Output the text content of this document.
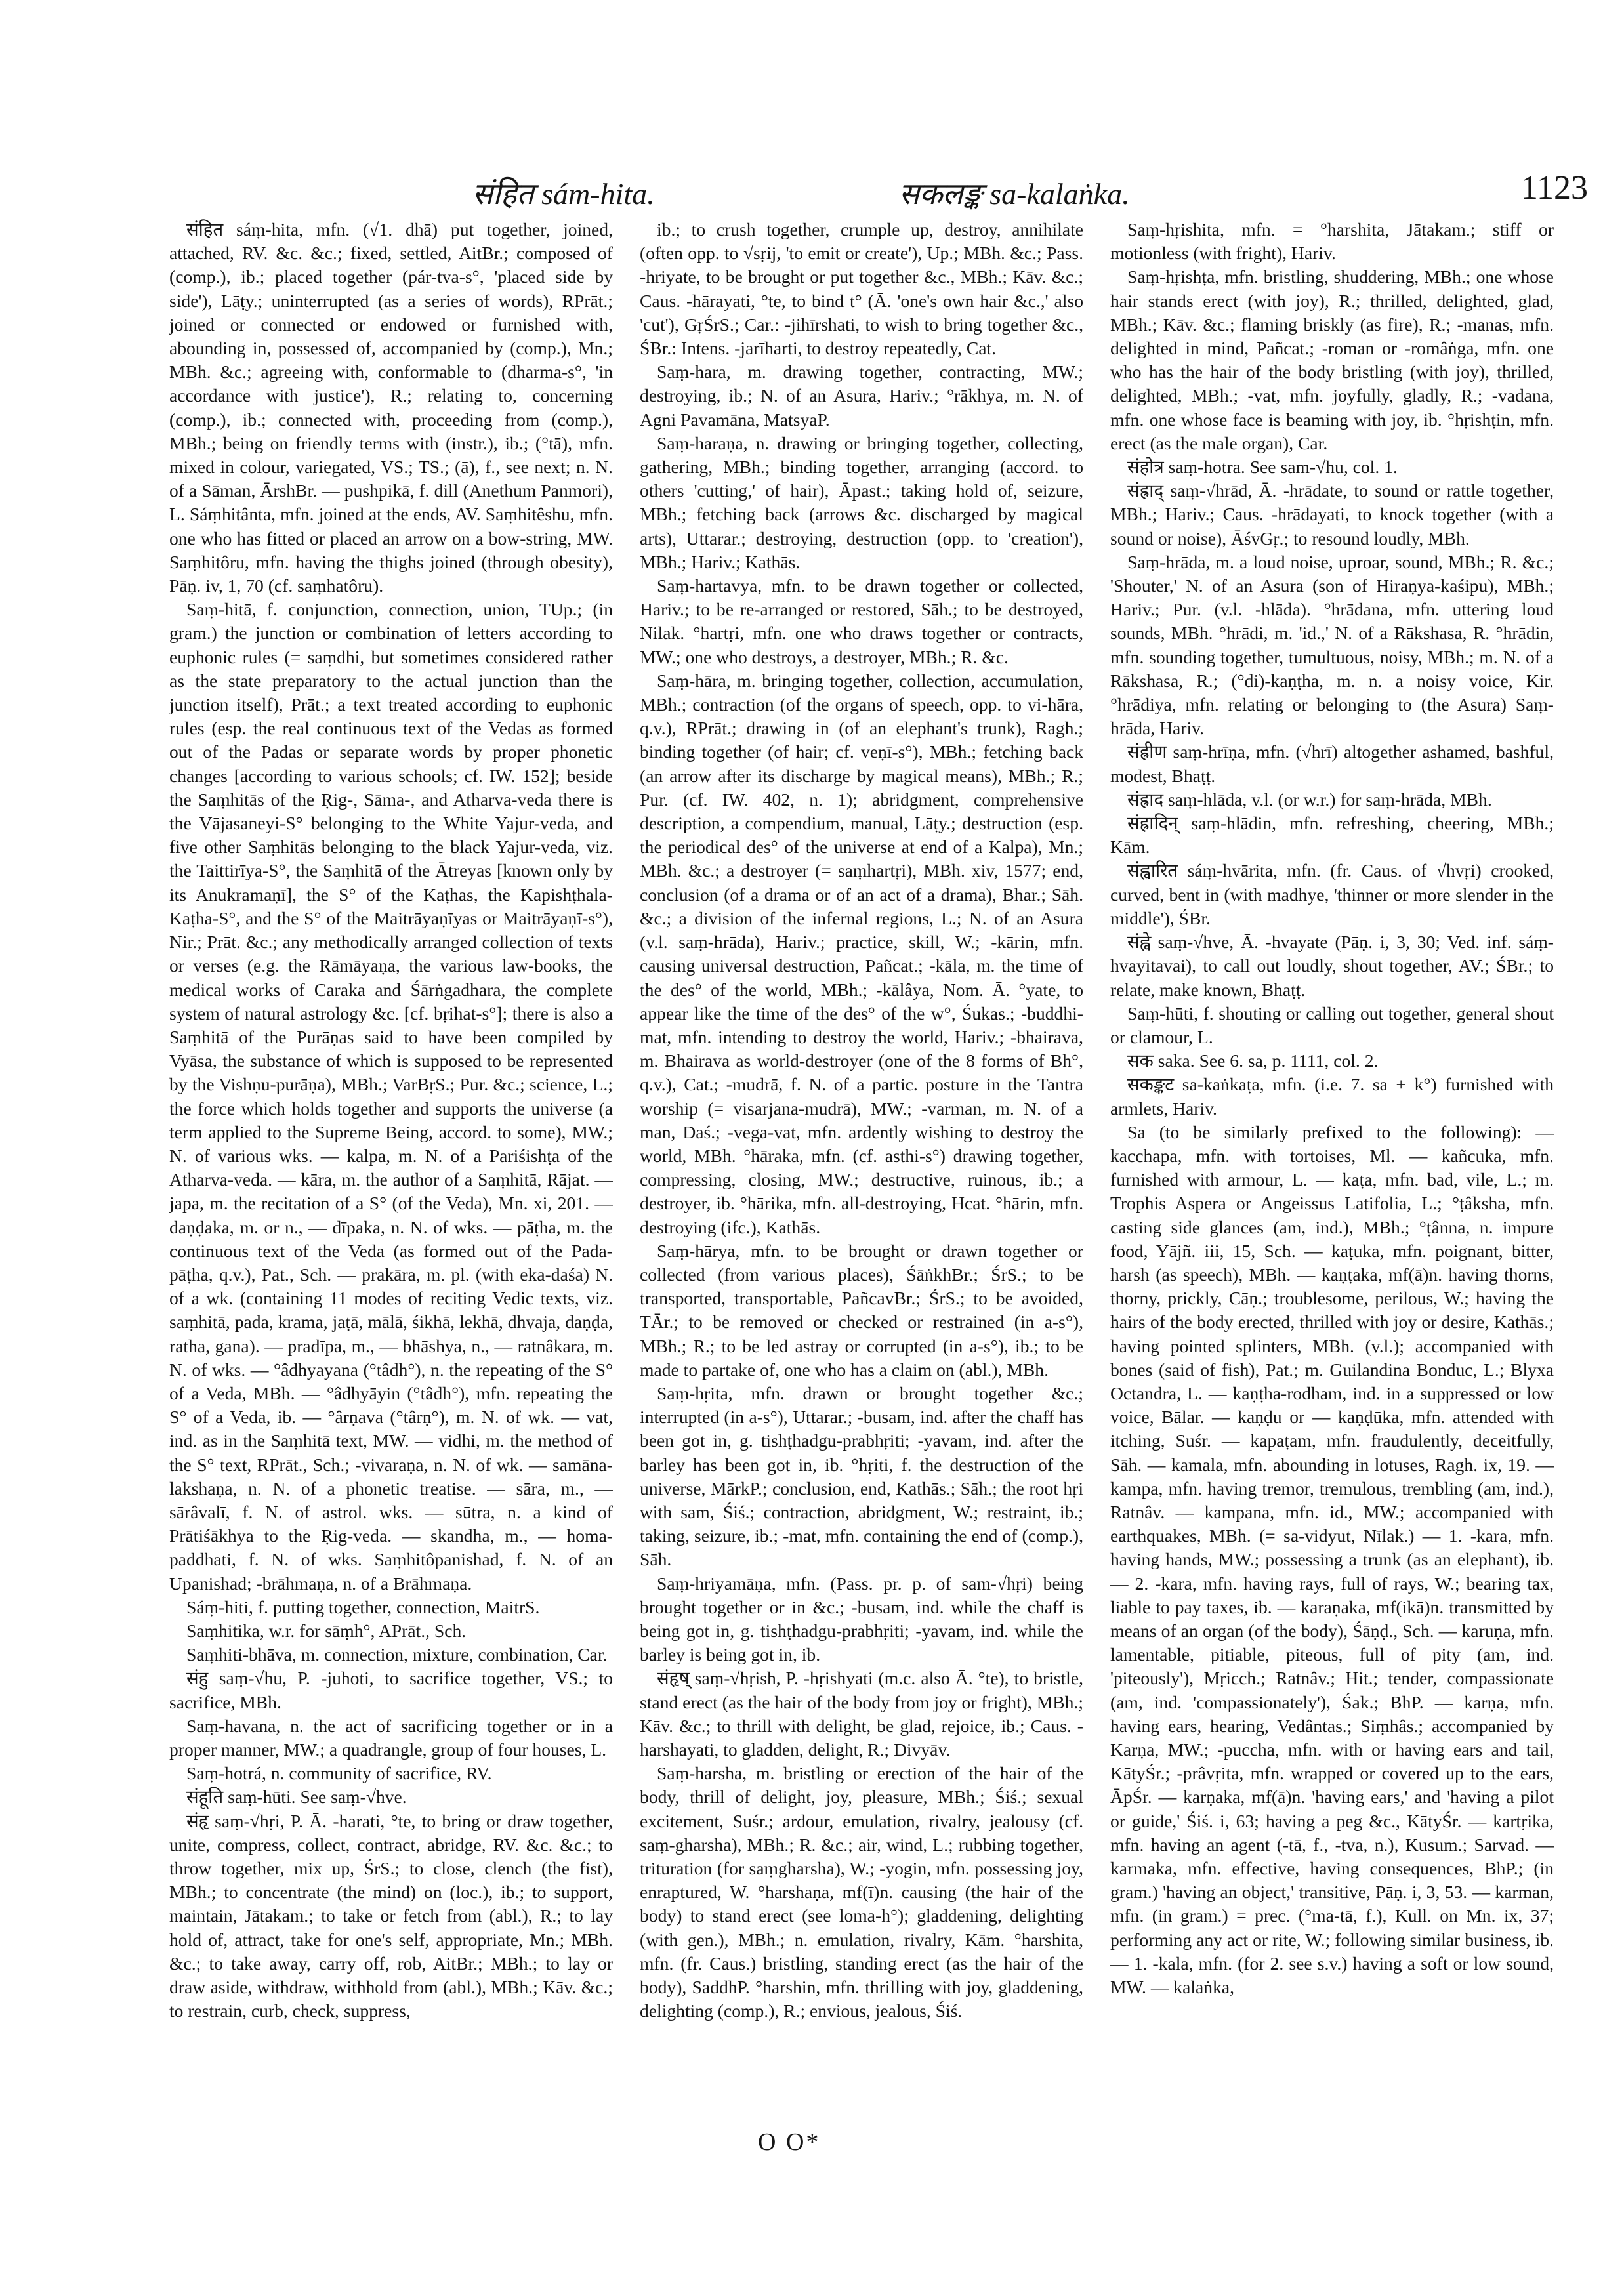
संहित sám-hita.	सकलङ्क sa-kalaṅka.	1123

संहित sáṃ-hita, mfn. (√1. dhā) put together, joined, attached, RV. &c. &c.; fixed, settled, AitBr.; composed of (comp.), ib.; placed together (pár-tva-s°, 'placed side by side'), Lāṭy.; uninterrupted (as a series of words), RPrāt.; joined or connected or endowed or furnished with, abounding in, possessed of, accompanied by (comp.), Mn.; MBh. &c.; agreeing with, conformable to (dharma-s°, 'in accordance with justice'), R.; relating to, concerning (comp.), ib.; connected with, proceeding from (comp.), MBh.; being on friendly terms with (instr.), ib.; (°tā), mfn. mixed in colour, variegated, VS.; TS.; (ā), f., see next; n. N. of a Sāman, ĀrshBr. — pushpikā, f. dill (Anethum Panmori), L. Sáṃhitânta, mfn. joined at the ends, AV. Saṃhitêshu, mfn. one who has fitted or placed an arrow on a bow-string, MW. Saṃhitôru, mfn. having the thighs joined (through obesity), Pāṇ. iv, 1, 70 (cf. saṃhatôru).

Saṃ-hitā, f. conjunction, connection, union, TUp.; (in gram.) the junction or combination of letters according to euphonic rules (= saṃdhi, but sometimes considered rather as the state preparatory to the actual junction than the junction itself), Prāt.; a text treated according to euphonic rules (esp. the real continuous text of the Vedas as formed out of the Padas or separate words by proper phonetic changes [according to various schools; cf. IW. 152]; beside the Saṃhitās of the Ṛig-, Sāma-, and Atharva-veda there is the Vājasaneyi-S° belonging to the White Yajur-veda, and five other Saṃhitās belonging to the black Yajur-veda, viz. the Taittirīya-S°, the Saṃhitā of the Ātreyas [known only by its Anukramaṇī], the S° of the Kaṭhas, the Kapishṭhala-Kaṭha-S°, and the S° of the Maitrāyaṇīyas or Maitrāyaṇī-s°), Nir.; Prāt. &c.; any methodically arranged collection of texts or verses (e.g. the Rāmāyaṇa, the various law-books, the medical works of Caraka and Śārṅgadhara, the complete system of natural astrology &c. [cf. bṛihat-s°]; there is also a Saṃhitā of the Purāṇas said to have been compiled by Vyāsa, the substance of which is supposed to be represented by the Vishṇu-purāṇa), MBh.; VarBṛS.; Pur. &c.; science, L.; the force which holds together and supports the universe (a term applied to the Supreme Being, accord. to some), MW.; N. of various wks. — kalpa, m. N. of a Pariśishṭa of the Atharva-veda. — kāra, m. the author of a Saṃhitā, Rājat. — japa, m. the recitation of a S° (of the Veda), Mn. xi, 201. — daṇḍaka, m. or n., — dīpaka, n. N. of wks. — pāṭha, m. the continuous text of the Veda (as formed out of the Pada-pāṭha, q.v.), Pat., Sch. — prakāra, m. pl. (with eka-daśa) N. of a wk. (containing 11 modes of reciting Vedic texts, viz. saṃhitā, pada, krama, jaṭā, mālā, śikhā, lekhā, dhvaja, daṇḍa, ratha, gana). — pradīpa, m., — bhāshya, n., — ratnâkara, m. N. of wks. — °âdhyayana (°tâdh°), n. the repeating of the S° of a Veda, MBh. — °âdhyāyin (°tâdh°), mfn. repeating the S° of a Veda, ib. — °ârṇava (°târṇ°), m. N. of wk. — vat, ind. as in the Saṃhitā text, MW. — vidhi, m. the method of the S° text, RPrāt., Sch.; -vivaraṇa, n. N. of wk. — samāna-lakshaṇa, n. N. of a phonetic treatise. — sāra, m., — sārâvalī, f. N. of astrol. wks. — sūtra, n. a kind of Prātiśākhya to the Ṛig-veda. — skandha, m., — homa-paddhati, f. N. of wks. Saṃhitôpanishad, f. N. of an Upanishad; -brāhmaṇa, n. of a Brāhmaṇa.

Sáṃ-hiti, f. putting together, connection, MaitrS.

Saṃhitika, w.r. for sāṃh°, APrāt., Sch.

Saṃhiti-bhāva, m. connection, mixture, combination, Car.

संहु saṃ-√hu, P. -juhoti, to sacrifice together, VS.; to sacrifice, MBh.

Saṃ-havana, n. the act of sacrificing together or in a proper manner, MW.; a quadrangle, group of four houses, L.

Saṃ-hotrá, n. community of sacrifice, RV.

संहूति saṃ-hūti. See saṃ-√hve.

संहृ saṃ-√hṛi, P. Ā. -harati, °te, to bring or draw together, unite, compress, collect, contract, abridge, RV. &c. &c.; to throw together, mix up, ŚrS.; to close, clench (the fist), MBh.; to concentrate (the mind) on (loc.), ib.; to support, maintain, Jātakam.; to take or fetch from (abl.), R.; to lay hold of, attract, take for one's self, appropriate, Mn.; MBh. &c.; to take away, carry off, rob, AitBr.; MBh.; to lay or draw aside, withdraw, withhold from (abl.), MBh.; Kāv. &c.; to restrain, curb, check, suppress,

ib.; to crush together, crumple up, destroy, annihilate (often opp. to √sṛij, 'to emit or create'), Up.; MBh. &c.; Pass. -hriyate, to be brought or put together &c., MBh.; Kāv. &c.; Caus. -hārayati, °te, to bind t° (Ā. 'one's own hair &c.,' also 'cut'), GṛŚrS.; Car.: -jihīrshati, to wish to bring together &c., ŚBr.: Intens. -jarīharti, to destroy repeatedly, Cat.

Saṃ-hara, m. drawing together, contracting, MW.; destroying, ib.; N. of an Asura, Hariv.; °rākhya, m. N. of Agni Pavamāna, MatsyaP.

Saṃ-haraṇa, n. drawing or bringing together, collecting, gathering, MBh.; binding together, arranging (accord. to others 'cutting,' of hair), Āpast.; taking hold of, seizure, MBh.; fetching back (arrows &c. discharged by magical arts), Uttarar.; destroying, destruction (opp. to 'creation'), MBh.; Hariv.; Kathās.

Saṃ-hartavya, mfn. to be drawn together or collected, Hariv.; to be re-arranged or restored, Sāh.; to be destroyed, Nilak. °hartṛi, mfn. one who draws together or contracts, MW.; one who destroys, a destroyer, MBh.; R. &c.

Saṃ-hāra, m. bringing together, collection, accumulation, MBh.; contraction (of the organs of speech, opp. to vi-hāra, q.v.), RPrāt.; drawing in (of an elephant's trunk), Ragh.; binding together (of hair; cf. veṇī-s°), MBh.; fetching back (an arrow after its discharge by magical means), MBh.; R.; Pur. (cf. IW. 402, n. 1); abridgment, comprehensive description, a compendium, manual, Lāṭy.; destruction (esp. the periodical des° of the universe at end of a Kalpa), Mn.; MBh. &c.; a destroyer (= saṃhartṛi), MBh. xiv, 1577; end, conclusion (of a drama or of an act of a drama), Bhar.; Sāh. &c.; a division of the infernal regions, L.; N. of an Asura (v.l. saṃ-hrāda), Hariv.; practice, skill, W.; -kārin, mfn. causing universal destruction, Pañcat.; -kāla, m. the time of the des° of the world, MBh.; -kālâya, Nom. Ā. °yate, to appear like the time of the des° of the w°, Śukas.; -buddhi-mat, mfn. intending to destroy the world, Hariv.; -bhairava, m. Bhairava as world-destroyer (one of the 8 forms of Bh°, q.v.), Cat.; -mudrā, f. N. of a partic. posture in the Tantra worship (= visarjana-mudrā), MW.; -varman, m. N. of a man, Daś.; -vega-vat, mfn. ardently wishing to destroy the world, MBh. °hāraka, mfn. (cf. asthi-s°) drawing together, compressing, closing, MW.; destructive, ruinous, ib.; a destroyer, ib. °hārika, mfn. all-destroying, Hcat. °hārin, mfn. destroying (ifc.), Kathās.

Saṃ-hārya, mfn. to be brought or drawn together or collected (from various places), ŚāṅkhBr.; ŚrS.; to be transported, transportable, PañcavBr.; ŚrS.; to be avoided, TĀr.; to be removed or checked or restrained (in a-s°), MBh.; R.; to be led astray or corrupted (in a-s°), ib.; to be made to partake of, one who has a claim on (abl.), MBh.

Saṃ-hṛita, mfn. drawn or brought together &c.; interrupted (in a-s°), Uttarar.; -busam, ind. after the chaff has been got in, g. tishṭhadgu-prabhṛiti; -yavam, ind. after the barley has been got in, ib. °hṛiti, f. the destruction of the universe, MārkP.; conclusion, end, Kathās.; Sāh.; the root hṛi with sam, Śiś.; contraction, abridgment, W.; restraint, ib.; taking, seizure, ib.; -mat, mfn. containing the end of (comp.), Sāh.

Saṃ-hriyamāṇa, mfn. (Pass. pr. p. of sam-√hṛi) being brought together or in &c.; -busam, ind. while the chaff is being got in, g. tishṭhadgu-prabhṛiti; -yavam, ind. while the barley is being got in, ib.

संहृष् saṃ-√hṛish, P. -hṛishyati (m.c. also Ā. °te), to bristle, stand erect (as the hair of the body from joy or fright), MBh.; Kāv. &c.; to thrill with delight, be glad, rejoice, ib.; Caus. -harshayati, to gladden, delight, R.; Divyāv.

Saṃ-harsha, m. bristling or erection of the hair of the body, thrill of delight, joy, pleasure, MBh.; Śiś.; sexual excitement, Suśr.; ardour, emulation, rivalry, jealousy (cf. saṃ-gharsha), MBh.; R. &c.; air, wind, L.; rubbing together, trituration (for saṃgharsha), W.; -yogin, mfn. possessing joy, enraptured, W. °harshaṇa, mf(ī)n. causing (the hair of the body) to stand erect (see loma-h°); gladdening, delighting (with gen.), MBh.; n. emulation, rivalry, Kām. °harshita, mfn. (fr. Caus.) bristling, standing erect (as the hair of the body), SaddhP. °harshin, mfn. thrilling with joy, gladdening, delighting (comp.), R.; envious, jealous, Śiś.

Saṃ-hṛishita, mfn. = °harshita, Jātakam.; stiff or motionless (with fright), Hariv.

Saṃ-hṛishṭa, mfn. bristling, shuddering, MBh.; one whose hair stands erect (with joy), R.; thrilled, delighted, glad, MBh.; Kāv. &c.; flaming briskly (as fire), R.; -manas, mfn. delighted in mind, Pañcat.; -roman or -româṅga, mfn. one who has the hair of the body bristling (with joy), thrilled, delighted, MBh.; -vat, mfn. joyfully, gladly, R.; -vadana, mfn. one whose face is beaming with joy, ib. °hṛishṭin, mfn. erect (as the male organ), Car.

संहोत्र saṃ-hotra. See sam-√hu, col. 1.

संह्राद् saṃ-√hrād, Ā. -hrādate, to sound or rattle together, MBh.; Hariv.; Caus. -hrādayati, to knock together (with a sound or noise), ĀśvGṛ.; to resound loudly, MBh.

Saṃ-hrāda, m. a loud noise, uproar, sound, MBh.; R. &c.; 'Shouter,' N. of an Asura (son of Hiraṇya-kaśipu), MBh.; Hariv.; Pur. (v.l. -hlāda). °hrādana, mfn. uttering loud sounds, MBh. °hrādi, m. 'id.,' N. of a Rākshasa, R. °hrādin, mfn. sounding together, tumultuous, noisy, MBh.; m. N. of a Rākshasa, R.; (°di)-kaṇṭha, m. n. a noisy voice, Kir. °hrādiya, mfn. relating or belonging to (the Asura) Saṃ-hrāda, Hariv.

संह्रीण saṃ-hrīṇa, mfn. (√hrī) altogether ashamed, bashful, modest, Bhaṭṭ.

संह्राद saṃ-hlāda, v.l. (or w.r.) for saṃ-hrāda, MBh.

संह्रादिन् saṃ-hlādin, mfn. refreshing, cheering, MBh.; Kām.

संह्वारित sáṃ-hvārita, mfn. (fr. Caus. of √hvṛi) crooked, curved, bent in (with madhye, 'thinner or more slender in the middle'), ŚBr.

संह्वे saṃ-√hve, Ā. -hvayate (Pāṇ. i, 3, 30; Ved. inf. sáṃ-hvayitavai), to call out loudly, shout together, AV.; ŚBr.; to relate, make known, Bhaṭṭ.

Saṃ-hūti, f. shouting or calling out together, general shout or clamour, L.

सक saka. See 6. sa, p. 1111, col. 2.

सकङ्कट sa-kaṅkaṭa, mfn. (i.e. 7. sa + k°) furnished with armlets, Hariv.

Sa (to be similarly prefixed to the following): — kacchapa, mfn. with tortoises, Ml. — kañcuka, mfn. furnished with armour, L. — kaṭa, mfn. bad, vile, L.; m. Trophis Aspera or Angeissus Latifolia, L.; °ṭâksha, mfn. casting side glances (am, ind.), MBh.; °ṭânna, n. impure food, Yājñ. iii, 15, Sch. — kaṭuka, mfn. poignant, bitter, harsh (as speech), MBh. — kaṇṭaka, mf(ā)n. having thorns, thorny, prickly, Cāṇ.; troublesome, perilous, W.; having the hairs of the body erected, thrilled with joy or desire, Kathās.; having pointed splinters, MBh. (v.l.); accompanied with bones (said of fish), Pat.; m. Guilandina Bonduc, L.; Blyxa Octandra, L. — kaṇṭha-rodham, ind. in a suppressed or low voice, Bālar. — kaṇḍu or — kaṇḍūka, mfn. attended with itching, Suśr. — kapaṭam, mfn. fraudulently, deceitfully, Sāh. — kamala, mfn. abounding in lotuses, Ragh. ix, 19. — kampa, mfn. having tremor, tremulous, trembling (am, ind.), Ratnâv. — kampana, mfn. id., MW.; accompanied with earthquakes, MBh. (= sa-vidyut, Nīlak.) — 1. -kara, mfn. having hands, MW.; possessing a trunk (as an elephant), ib. — 2. -kara, mfn. having rays, full of rays, W.; bearing tax, liable to pay taxes, ib. — karaṇaka, mf(ikā)n. transmitted by means of an organ (of the body), Śāṇḍ., Sch. — karuṇa, mfn. lamentable, pitiable, piteous, full of pity (am, ind. 'piteously'), Mṛicch.; Ratnâv.; Hit.; tender, compassionate (am, ind. 'compassionately'), Śak.; BhP. — karṇa, mfn. having ears, hearing, Vedântas.; Siṃhâs.; accompanied by Karṇa, MW.; -puccha, mfn. with or having ears and tail, KātyŚr.; -prâvṛita, mfn. wrapped or covered up to the ears, ĀpŚr. — karṇaka, mf(ā)n. 'having ears,' and 'having a pilot or guide,' Śiś. i, 63; having a peg &c., KātyŚr. — kartṛika, mfn. having an agent (-tā, f., -tva, n.), Kusum.; Sarvad. — karmaka, mfn. effective, having consequences, BhP.; (in gram.) 'having an object,' transitive, Pāṇ. i, 3, 53. — karman, mfn. (in gram.) = prec. (°ma-tā, f.), Kull. on Mn. ix, 37; performing any act or rite, W.; following similar business, ib. — 1. -kala, mfn. (for 2. see s.v.) having a soft or low sound, MW. — kalaṅka,

O O*
